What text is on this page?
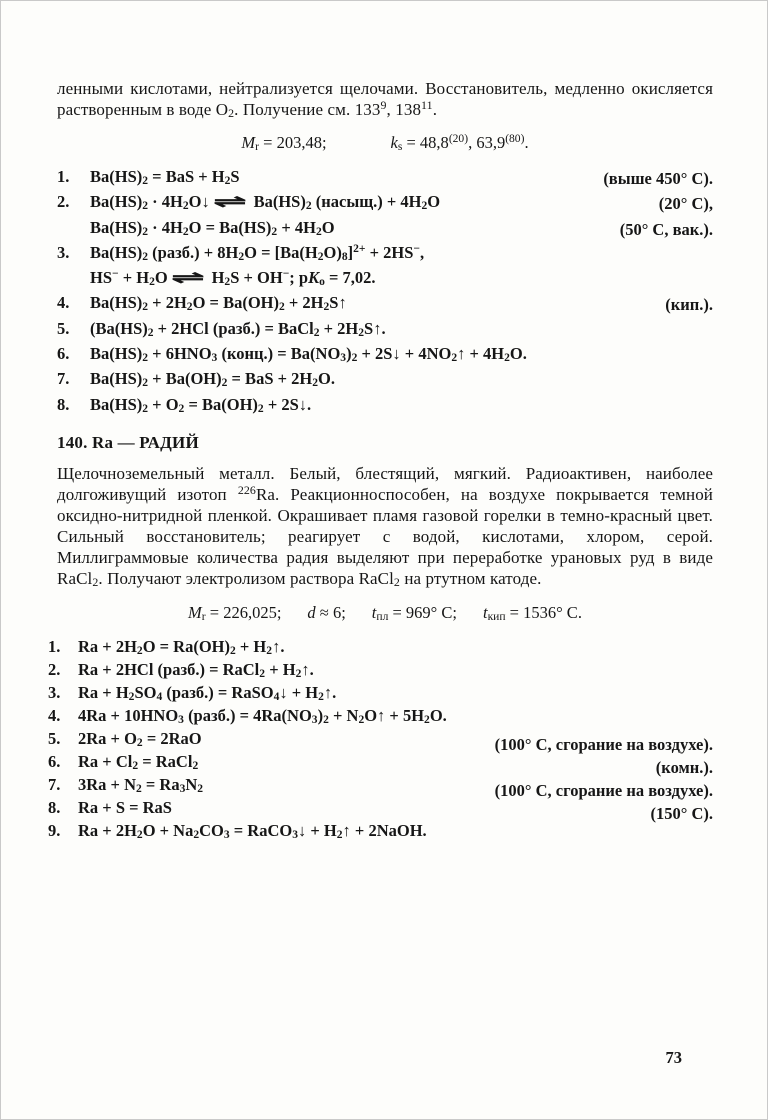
ленными кислотами, нейтрализуется щелочами. Восстановитель, медленно окисляется растворенным в воде $O_2$. Получение см. $133^9$, $138^{11}$.

$M_r = 203,48$;	$k_s = 48,8^{(20)}$, 63,9$^{(80)}$.
1.	$Ba(HS)_2$ = BaS + $H_2S$	(выше 450° C).
2.	$Ba(HS)_2$ · $4H_2O↓$ ⇌ $Ba(HS)_2$ (насыщ.) + $4H_2O$	(20° C),
$Ba(HS)_2 \cdot 4H_2O = Ba(HS)_2 + 4H_2O$	(50° C, вак.).
3.	$Ba(HS)_2$ (разб.) + $8H_2O = [Ba(H_2O)_8]^{2+} + 2HS^-$,
$HS^- + H_2O$ ⇌ $H_2S + OH^-$; $pK_о = 7,02$.
4.	$Ba(HS)_2 + 2H_2O = Ba(OH)_2$ + $2H_2S↑$	(кип.).
5.	($Ba(HS)_2 + 2HCl$ (разб.) = BaCl$_2$ + $2H_2S↑$.
6.	$Ba(HS)_2 + 6HNO_3$ (конц.) = $Ba(NO_3)_2$ + 2S↓ + $4NO_2↑ + 4H_2O$.
7.	$Ba(HS)_2 + Ba(OH)_2$ = BaS + $2H_2O$.
8.	$Ba(HS)_2 + O_2 = Ba(OH)_2$ + 2S↓.
140. Ra — РАДИЙ

Щелочноземельный металл. Белый, блестящий, мягкий. Радиоактивен, наиболее долгоживущий изотоп $^{226}$Ra. Реакционноспособен, на воздухе покрывается темной оксидно-нитридной пленкой. Окрашивает пламя газовой горелки в темно-красный цвет. Сильный восстановитель; реагирует с водой, кислотами, хлором, серой. Миллиграммовые количества радия выделяют при переработке урановых руд в виде RaCl$_2$. Получают электролизом раствора RaCl$_2$ на ртутном катоде.

$M_r = 226,025$; d ≈ 6; $t_{пл} = 969^\circ$ C; $t_{кип} = 1536^\circ$ C.
1.	$Ra + 2H_2O = Ra(OH)_2$ + $H_2↑$.
2.	Ra + 2HCl (разб.) = RaCl$_2$ + $H_2↑$.
3.	$Ra + H_2SO_4$ (разб.) = RaSO$_4$↓ + $H_2↑$.
4.	$4Ra + 10HNO_3$ (разб.) = $4Ra(NO_3)_2$ + $N_2O↑ + 5H_2O$.
5.	$2Ra + O_2 = 2RaO$	(100° C, сгорание на воздухе).
6.	$Ra + Cl_2$ = RaCl$_2$	(комн.).
7.	$3Ra + N_2 = Ra_3N_2$	(100° C, сгорание на воздухе).
8.	Ra + S = RaS	(150° C).
9.	$Ra + 2H_2O + Na_2CO_3$ = RaCO$_3$↓ + $H_2↑$ + 2NaOH.
73
